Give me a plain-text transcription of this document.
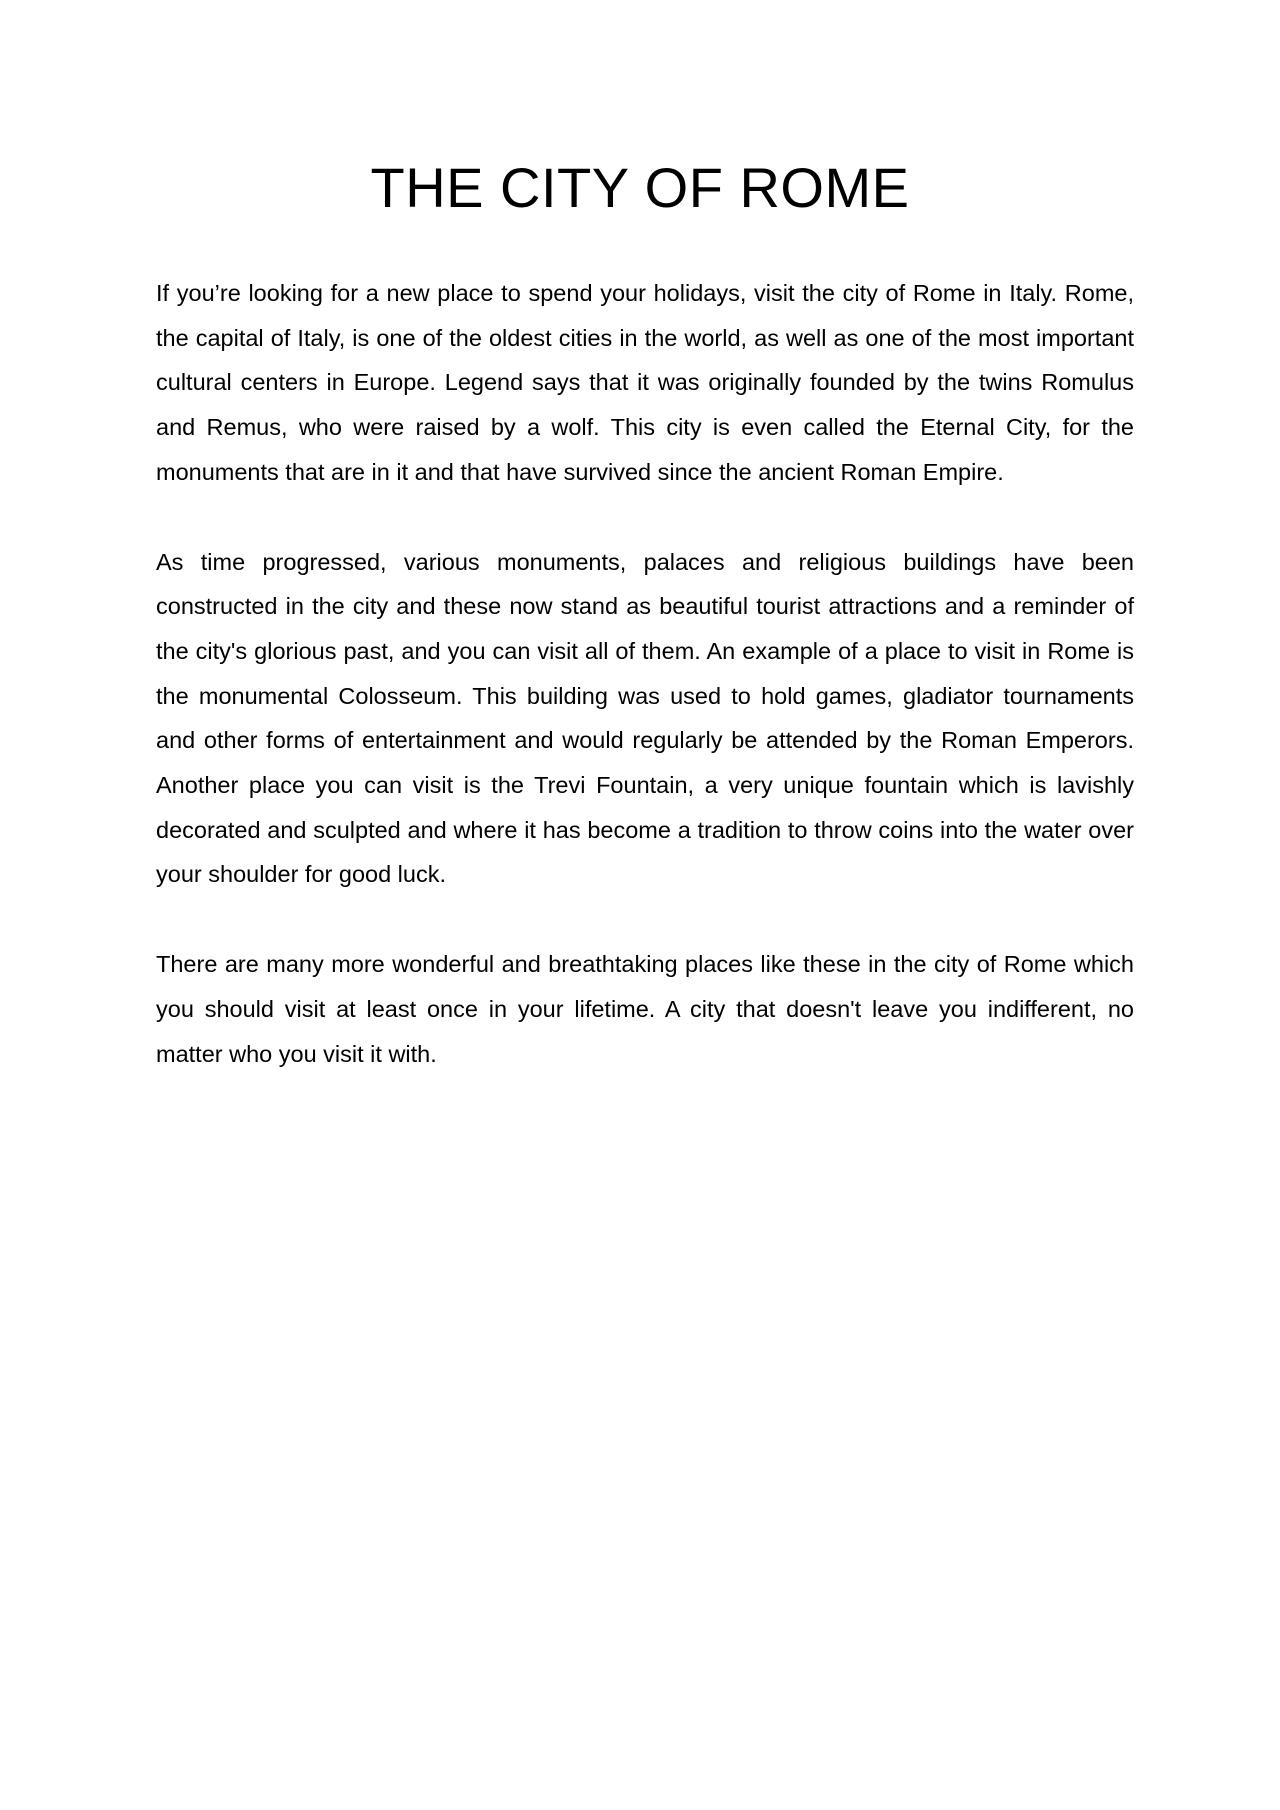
THE CITY OF ROME

If you’re looking for a new place to spend your holidays, visit the city of Rome in Italy. Rome, the capital of Italy, is one of the oldest cities in the world, as well as one of the most important cultural centers in Europe. Legend says that it was originally founded by the twins Romulus and Remus, who were raised by a wolf. This city is even called the Eternal City, for the monuments that are in it and that have survived since the ancient Roman Empire.

As time progressed, various monuments, palaces and religious buildings have been constructed in the city and these now stand as beautiful tourist attractions and a reminder of the city's glorious past, and you can visit all of them. An example of a place to visit in Rome is the monumental Colosseum. This building was used to hold games, gladiator tournaments and other forms of entertainment and would regularly be attended by the Roman Emperors. Another place you can visit is the Trevi Fountain, a very unique fountain which is lavishly decorated and sculpted and where it has become a tradition to throw coins into the water over your shoulder for good luck.

There are many more wonderful and breathtaking places like these in the city of Rome which you should visit at least once in your lifetime. A city that doesn't leave you indifferent, no matter who you visit it with.
